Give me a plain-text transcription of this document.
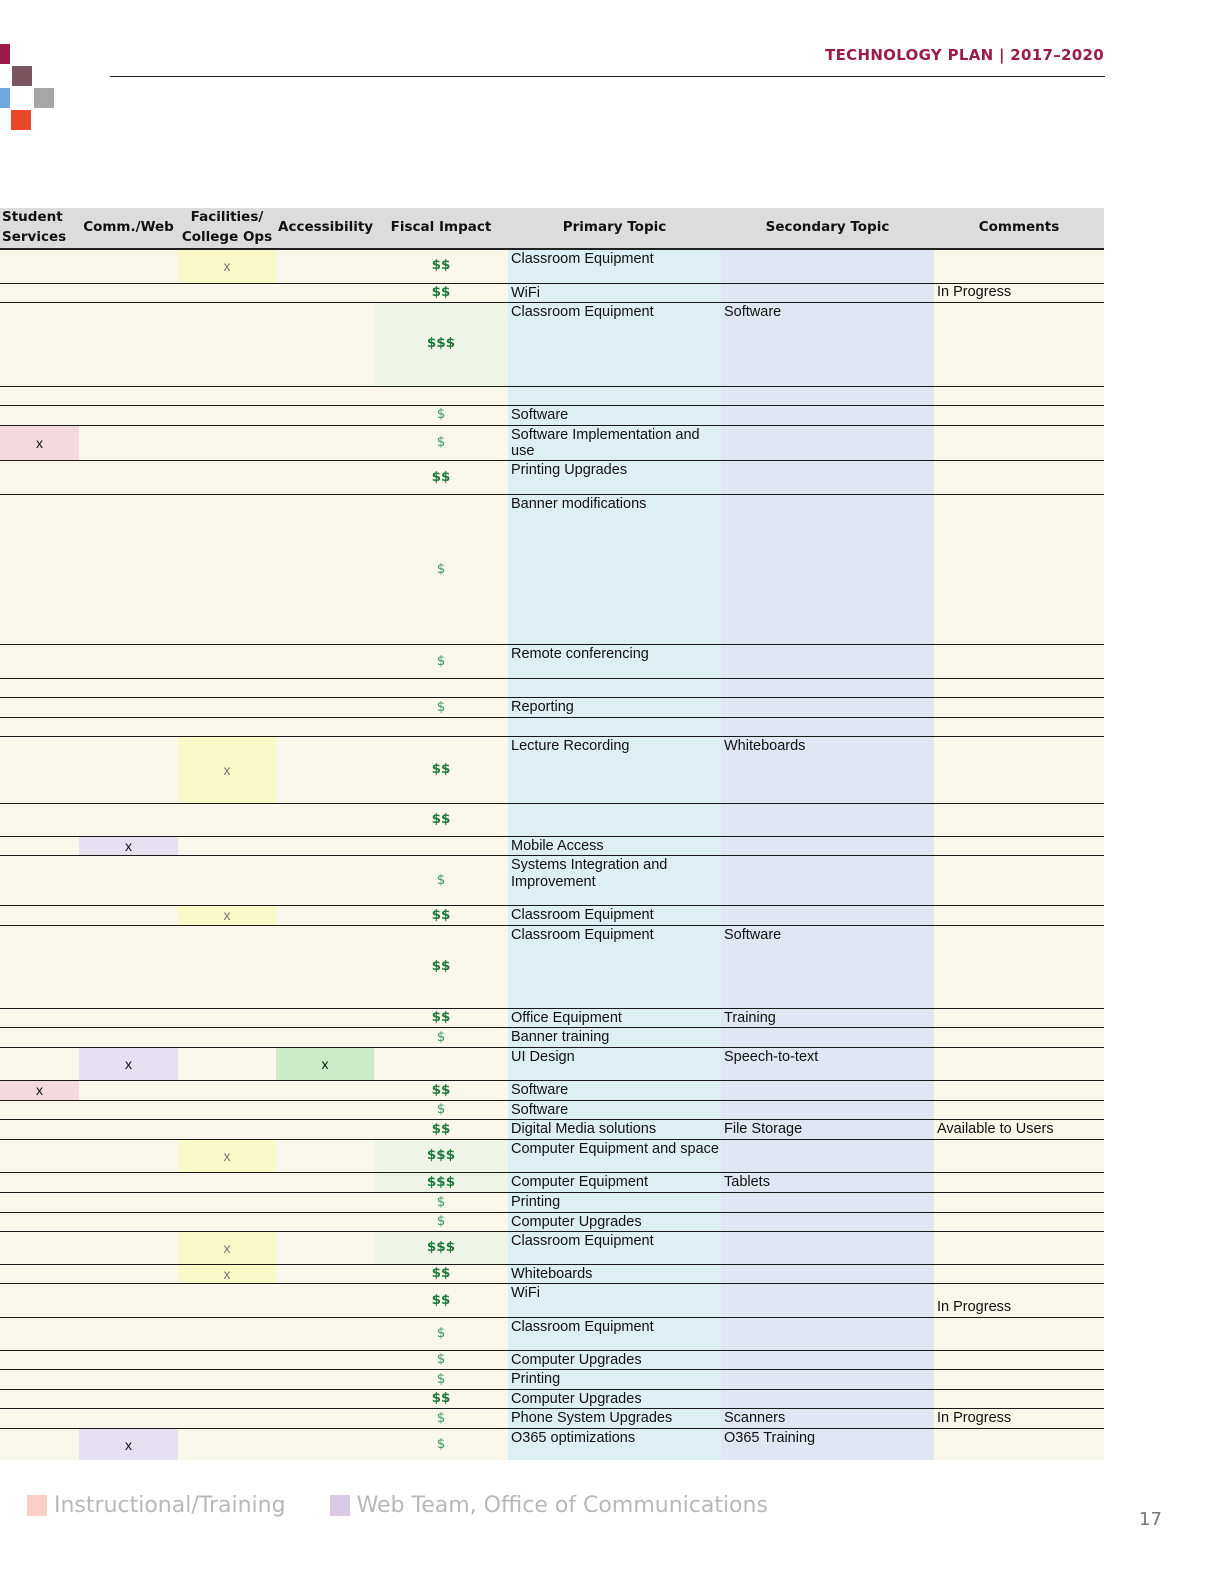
TECHNOLOGY PLAN | 2017–2020
Student Services	Comm./Web	Facilities/ College Ops	Accessibility	Fiscal Impact	Primary Topic	Secondary Topic	Comments
		x		$$	Classroom Equipment		
				$$	WiFi		In Progress
				$$$	Classroom Equipment	Software	

				$	Software		
x				$	Software Implementation and use		
				$$	Printing Upgrades		
				$	Banner modifications		
				$	Remote conferencing		

				$	Reporting		

		x		$$	Lecture Recording	Whiteboards	
				$$			
	x				Mobile Access		
				$	Systems Integration and Improvement		
		x		$$	Classroom Equipment		
				$$	Classroom Equipment	Software	
				$$	Office Equipment	Training	
				$	Banner training		
	x		x		UI Design	Speech-to-text	
x				$$	Software		
				$	Software		
				$$	Digital Media solutions	File Storage	Available to Users
		x		$$$	Computer Equipment and space		
				$$$	Computer Equipment	Tablets	
				$	Printing		
				$	Computer Upgrades		
		x		$$$	Classroom Equipment		
		x		$$	Whiteboards		
				$$	WiFi		In Progress
				$	Classroom Equipment		
				$	Computer Upgrades		
				$	Printing		
				$$	Computer Upgrades		
				$	Phone System Upgrades	Scanners	In Progress
	x			$	O365 optimizations	O365 Training	
Instructional/Training	Web Team, Office of Communications
17
